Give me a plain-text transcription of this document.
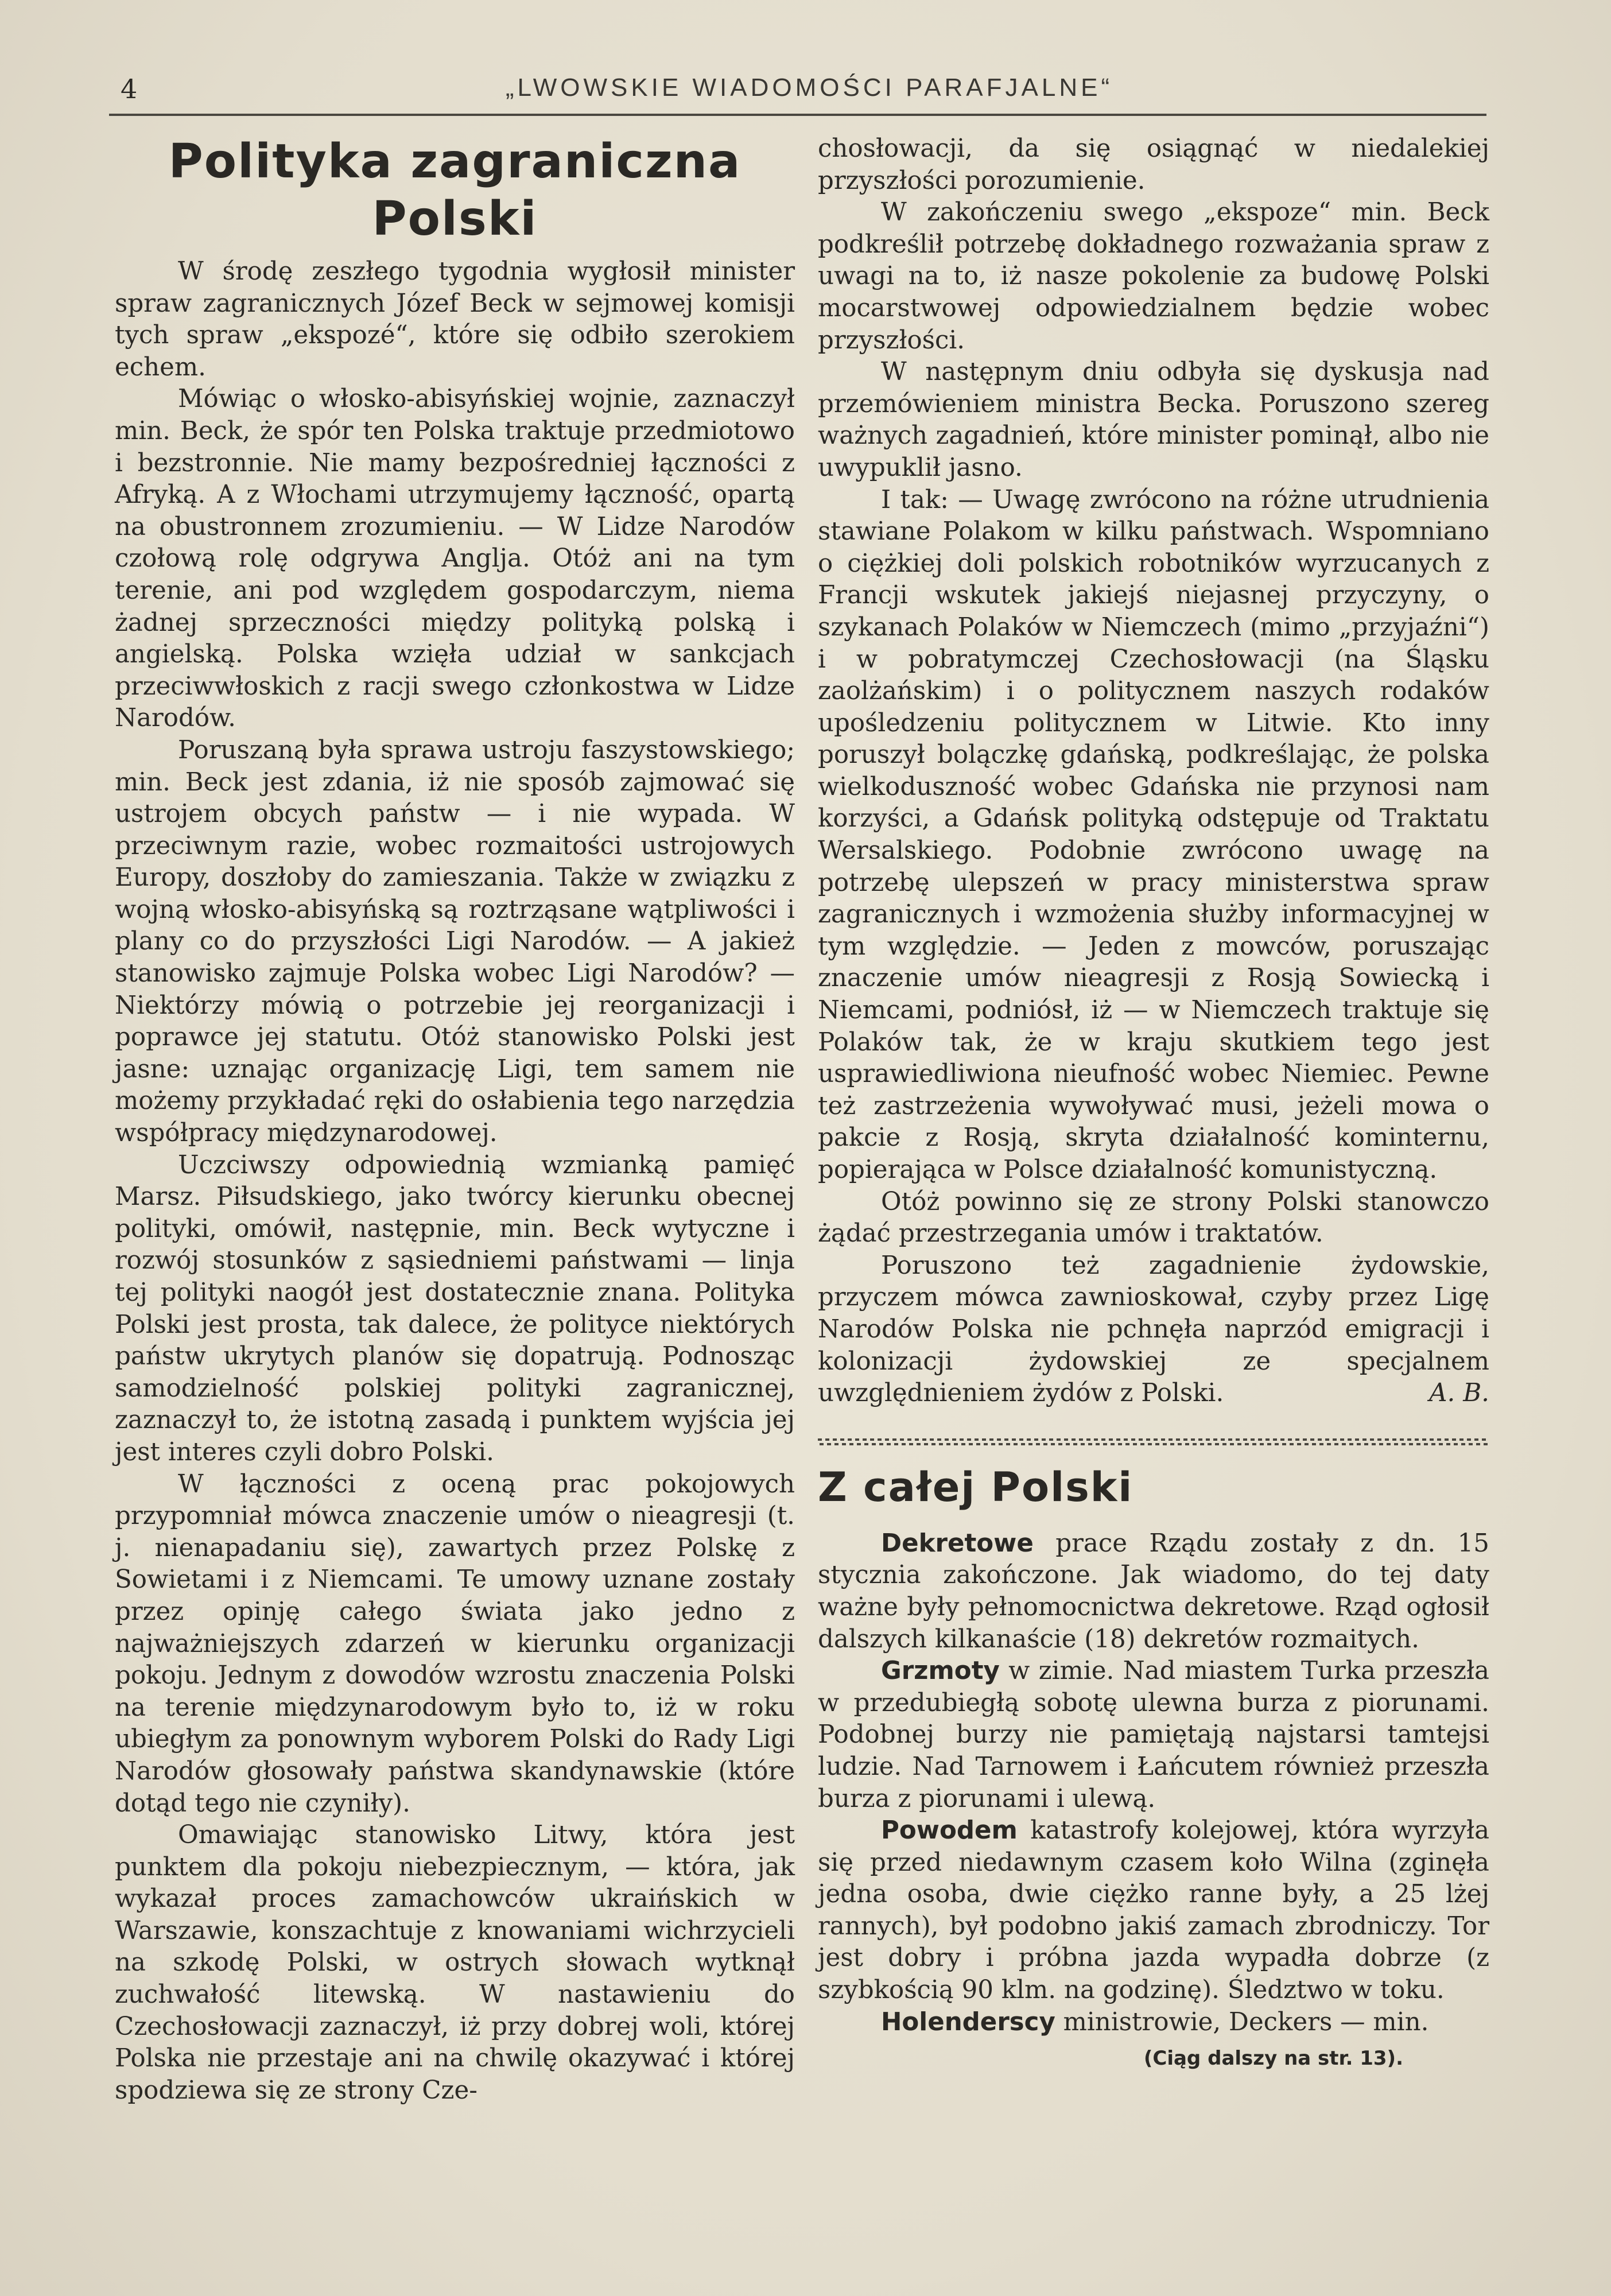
4	„LWOWSKIE WIADOMOŚCI PARAFJALNE“
Polityka zagraniczna Polski

W środę zeszłego tygodnia wygłosił minister spraw zagranicznych Józef Beck w sejmowej komisji tych spraw „ekspozé“, które się odbiło szerokiem echem.

Mówiąc o włosko-abisyńskiej wojnie, zaznaczył min. Beck, że spór ten Polska traktuje przedmiotowo i bezstronnie. Nie mamy bezpośredniej łączności z Afryką. A z Włochami utrzymujemy łączność, opartą na obustronnem zrozumieniu. — W Lidze Narodów czołową rolę odgrywa Anglja. Otóż ani na tym terenie, ani pod względem gospodarczym, niema żadnej sprzeczności między polityką polską i angielską. Polska wzięła udział w sankcjach przeciwwłoskich z racji swego członkostwa w Lidze Narodów.

Poruszaną była sprawa ustroju faszystowskiego; min. Beck jest zdania, iż nie sposób zajmować się ustrojem obcych państw — i nie wypada. W przeciwnym razie, wobec rozmaitości ustrojowych Europy, doszłoby do zamieszania. Także w związku z wojną włosko-abisyńską są roztrząsane wątpliwości i plany co do przyszłości Ligi Narodów. — A jakież stanowisko zajmuje Polska wobec Ligi Narodów? — Niektórzy mówią o potrzebie jej reorganizacji i poprawce jej statutu. Otóż stanowisko Polski jest jasne: uznając organizację Ligi, tem samem nie możemy przykładać ręki do osłabienia tego narzędzia współpracy międzynarodowej.

Uczciwszy odpowiednią wzmianką pamięć Marsz. Piłsudskiego, jako twórcy kierunku obecnej polityki, omówił, następnie, min. Beck wytyczne i rozwój stosunków z sąsiedniemi państwami — linja tej polityki naogół jest dostatecznie znana. Polityka Polski jest prosta, tak dalece, że polityce niektórych państw ukrytych planów się dopatrują. Podnosząc samodzielność polskiej polityki zagranicznej, zaznaczył to, że istotną zasadą i punktem wyjścia jej jest interes czyli dobro Polski.

W łączności z oceną prac pokojowych przypomniał mówca znaczenie umów o nieagresji (t. j. nienapadaniu się), zawartych przez Polskę z Sowietami i z Niemcami. Te umowy uznane zostały przez opinję całego świata jako jedno z najważniejszych zdarzeń w kierunku organizacji pokoju. Jednym z dowodów wzrostu znaczenia Polski na terenie międzynarodowym było to, iż w roku ubiegłym za ponownym wyborem Polski do Rady Ligi Narodów głosowały państwa skandynawskie (które dotąd tego nie czyniły).

Omawiając stanowisko Litwy, która jest punktem dla pokoju niebezpiecznym, — która, jak wykazał proces zamachowców ukraińskich w Warszawie, konszachtuje z knowaniami wichrzycieli na szkodę Polski, w ostrych słowach wytknął zuchwałość litewską. W nastawieniu do Czechosłowacji zaznaczył, iż przy dobrej woli, której Polska nie przestaje ani na chwilę okazywać i której spodziewa się ze strony Cze-

chosłowacji, da się osiągnąć w niedalekiej przyszłości porozumienie.

W zakończeniu swego „ekspoze“ min. Beck podkreślił potrzebę dokładnego rozważania spraw z uwagi na to, iż nasze pokolenie za budowę Polski mocarstwowej odpowiedzialnem będzie wobec przyszłości.

W następnym dniu odbyła się dyskusja nad przemówieniem ministra Becka. Poruszono szereg ważnych zagadnień, które minister pominął, albo nie uwypuklił jasno.

I tak: — Uwagę zwrócono na różne utrudnienia stawiane Polakom w kilku państwach. Wspomniano o ciężkiej doli polskich robotników wyrzucanych z Francji wskutek jakiejś niejasnej przyczyny, o szykanach Polaków w Niemczech (mimo „przyjaźni“) i w pobratymczej Czechosłowacji (na Śląsku zaolżańskim) i o politycznem naszych rodaków upośledzeniu politycznem w Litwie. Kto inny poruszył bolączkę gdańską, podkreślając, że polska wielkoduszność wobec Gdańska nie przynosi nam korzyści, a Gdańsk polityką odstępuje od Traktatu Wersalskiego. Podobnie zwrócono uwagę na potrzebę ulepszeń w pracy ministerstwa spraw zagranicznych i wzmożenia służby informacyjnej w tym względzie. — Jeden z mowców, poruszając znaczenie umów nieagresji z Rosją Sowiecką i Niemcami, podniósł, iż — w Niemczech traktuje się Polaków tak, że w kraju skutkiem tego jest usprawiedliwiona nieufność wobec Niemiec. Pewne też zastrzeżenia wywoływać musi, jeżeli mowa o pakcie z Rosją, skryta działalność kominternu, popierająca w Polsce działalność komunistyczną.

Otóż powinno się ze strony Polski stanowczo żądać przestrzegania umów i traktatów.

Poruszono też zagadnienie żydowskie, przyczem mówca zawnioskował, czyby przez Ligę Narodów Polska nie pchnęła naprzód emigracji i kolonizacji żydowskiej ze specjalnem uwzględnieniem żydów z Polski.	A. B.

Z całej Polski

Dekretowe prace Rządu zostały z dn. 15 stycznia zakończone. Jak wiadomo, do tej daty ważne były pełnomocnictwa dekretowe. Rząd ogłosił dalszych kilkanaście (18) dekretów rozmaitych.

Grzmoty w zimie. Nad miastem Turka przeszła w przedubiegłą sobotę ulewna burza z piorunami. Podobnej burzy nie pamiętają najstarsi tamtejsi ludzie. Nad Tarnowem i Łańcutem również przeszła burza z piorunami i ulewą.

Powodem katastrofy kolejowej, która wyrzyła się przed niedawnym czasem koło Wilna (zginęła jedna osoba, dwie ciężko ranne były, a 25 lżej rannych), był podobno jakiś zamach zbrodniczy. Tor jest dobry i próbna jazda wypadła dobrze (z szybkością 90 klm. na godzinę). Śledztwo w toku.

Holenderscy ministrowie, Deckers — min.

(Ciąg dalszy na str. 13).
